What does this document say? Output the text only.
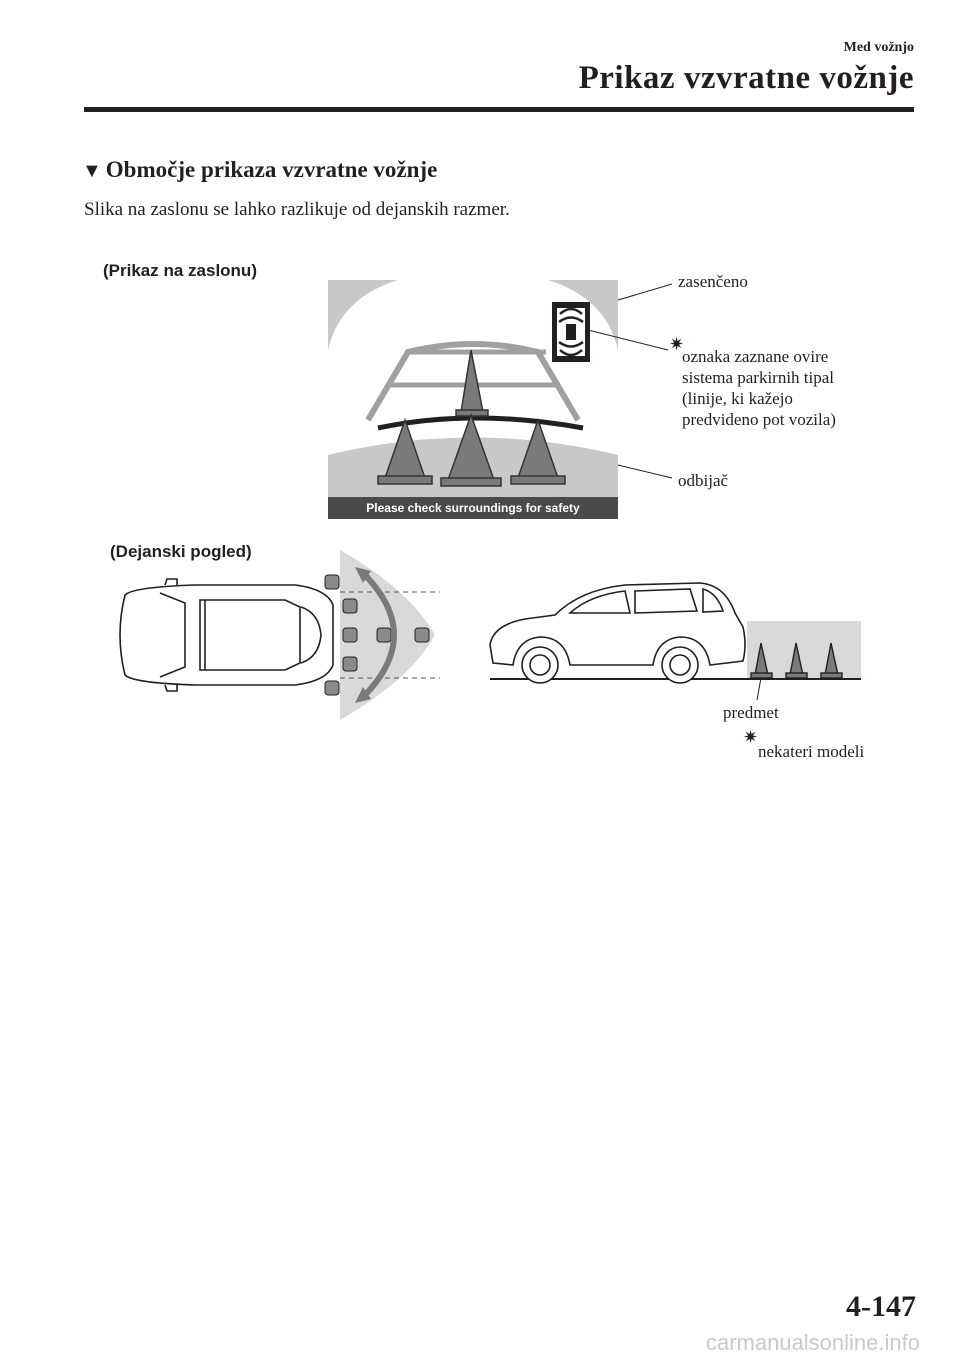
Med vožnjo
Prikaz vzvratne vožnje
▼ Območje prikaza vzvratne vožnje
Slika na zaslonu se lahko razlikuje od dejanskih razmer.
(Prikaz na zaslonu)
(Dejanski pogled)
Please check surroundings for safety
zasenčeno
✷
oznaka zaznane ovire
sistema parkirnih tipal
(linije, ki kažejo
predvideno pot vozila)
odbijač
predmet
✷
nekateri modeli
4-147
carmanualsonline.info
